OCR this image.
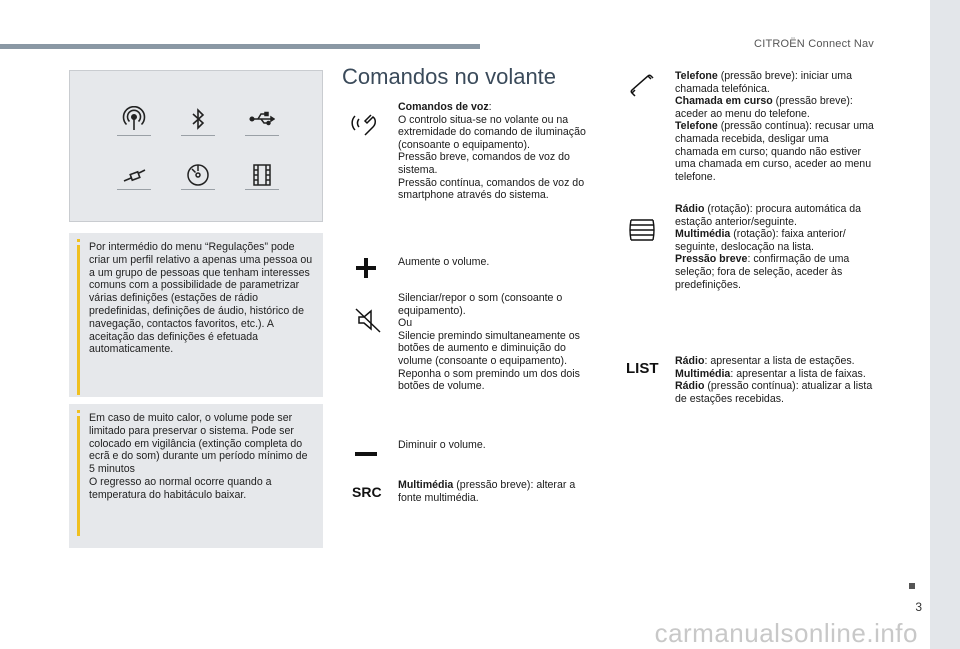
CITROËN Connect Nav
3
carmanualsonline.info

Por intermédio do menu “Regulações” pode criar um perfil relativo a apenas uma pessoa ou a um grupo de pessoas que tenham interesses comuns com a possibilidade de parametrizar várias definições (estações de rádio predefinidas, definições de áudio, histórico de navegação, contactos favoritos, etc.). A aceitação das definições é efetuada automaticamente.

Em caso de muito calor, o volume pode ser limitado para preservar o sistema. Pode ser colocado em vigilância (extinção completa do ecrã e do som) durante um período mínimo de 5 minutos
O regresso ao normal ocorre quando a temperatura do habitáculo baixar.

Comandos no volante
Comandos de voz:
O controlo situa-se no volante ou na extremidade do comando de iluminação (consoante o equipamento).
Pressão breve, comandos de voz do sistema.
Pressão contínua, comandos de voz do smartphone através do sistema.
Aumente o volume.
Silenciar/repor o som (consoante o equipamento).
Ou
Silencie premindo simultaneamente os botões de aumento e diminuição do volume (consoante o equipamento).
Reponha o som premindo um dos dois botões de volume.
Diminuir o volume.
SRC Multimédia (pressão breve): alterar a fonte multimédia.
Telefone (pressão breve): iniciar uma chamada telefónica.
Chamada em curso (pressão breve): aceder ao menu do telefone.
Telefone (pressão contínua): recusar uma chamada recebida, desligar uma chamada em curso; quando não estiver uma chamada em curso, aceder ao menu telefone.
Rádio (rotação): procura automática da estação anterior/seguinte.
Multimédia (rotação): faixa anterior/ seguinte, deslocação na lista.
Pressão breve: confirmação de uma seleção; fora de seleção, aceder às predefinições.
LIST Rádio: apresentar a lista de estações.
Multimédia: apresentar a lista de faixas.
Rádio (pressão contínua): atualizar a lista de estações recebidas.
